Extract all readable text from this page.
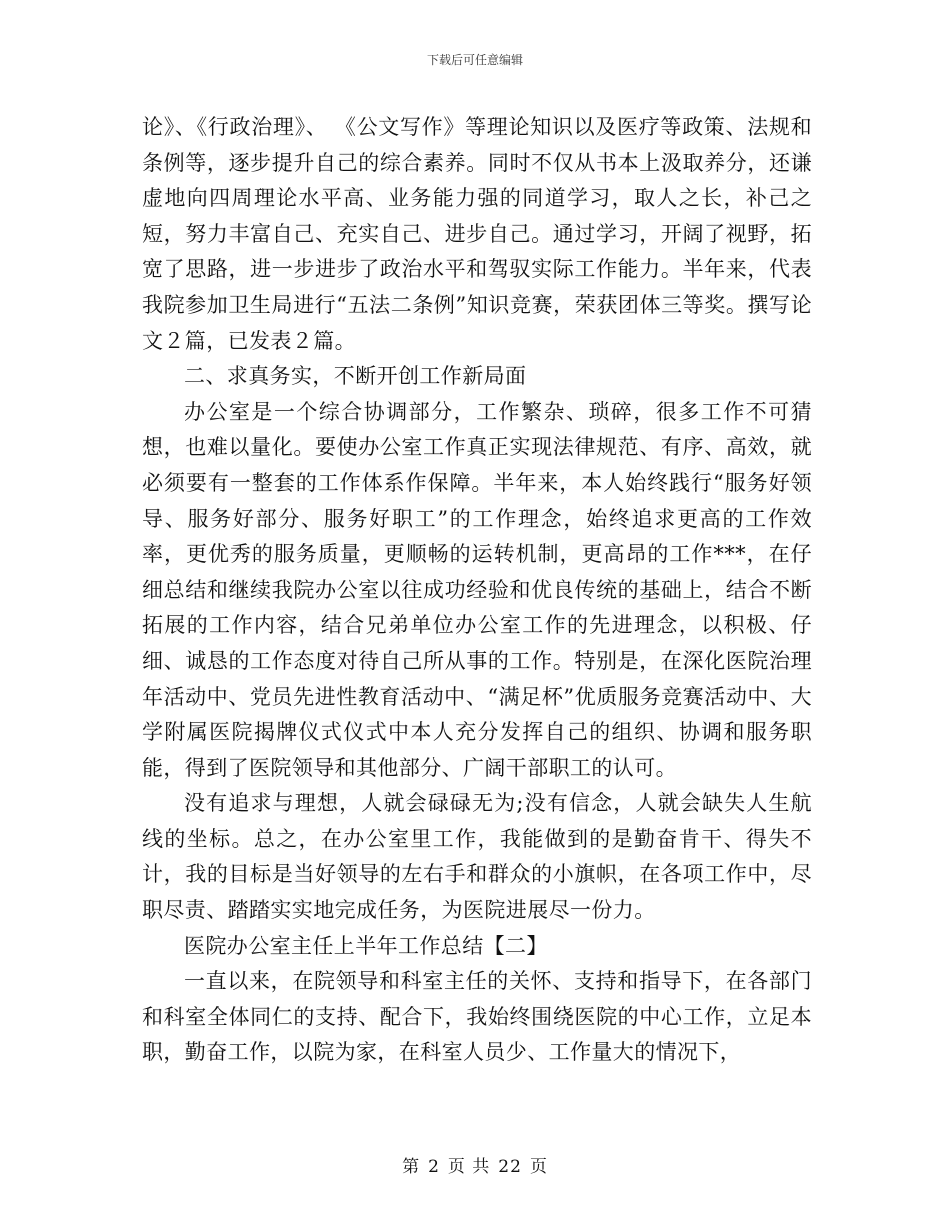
下载后可任意编辑

论》、《行政治理》、 《公文写作》等理论知识以及医疗等政策、法规和条例等，逐步提升自己的综合素养。同时不仅从书本上汲取养分，还谦虚地向四周理论水平高、业务能力强的同道学习，取人之长，补己之短，努力丰富自己、充实自己、进步自己。通过学习，开阔了视野，拓宽了思路，进一步进步了政治水平和驾驭实际工作能力。半年来，代表我院参加卫生局进行“五法二条例”知识竞赛，荣获团体三等奖。撰写论文２篇，已发表２篇。

二、求真务实，不断开创工作新局面

办公室是一个综合协调部分，工作繁杂、琐碎，很多工作不可猜想，也难以量化。要使办公室工作真正实现法律规范、有序、高效，就必须要有一整套的工作体系作保障。半年来，本人始终践行“服务好领导、服务好部分、服务好职工”的工作理念，始终追求更高的工作效率，更优秀的服务质量，更顺畅的运转机制，更高昂的工作***，在仔细总结和继续我院办公室以往成功经验和优良传统的基础上，结合不断拓展的工作内容，结合兄弟单位办公室工作的先进理念，以积极、仔细、诚恳的工作态度对待自己所从事的工作。特别是，在深化医院治理年活动中、党员先进性教育活动中、“满足杯”优质服务竞赛活动中、大学附属医院揭牌仪式仪式中本人充分发挥自己的组织、协调和服务职能，得到了医院领导和其他部分、广阔干部职工的认可。

没有追求与理想，人就会碌碌无为;没有信念，人就会缺失人生航线的坐标。总之，在办公室里工作，我能做到的是勤奋肯干、得失不计，我的目标是当好领导的左右手和群众的小旗帜，在各项工作中，尽职尽责、踏踏实实地完成任务，为医院进展尽一份力。

医院办公室主任上半年工作总结【二】

一直以来，在院领导和科室主任的关怀、支持和指导下，在各部门和科室全体同仁的支持、配合下，我始终围绕医院的中心工作，立足本职，勤奋工作，以院为家，在科室人员少、工作量大的情况下，

第 2 页 共 22 页
